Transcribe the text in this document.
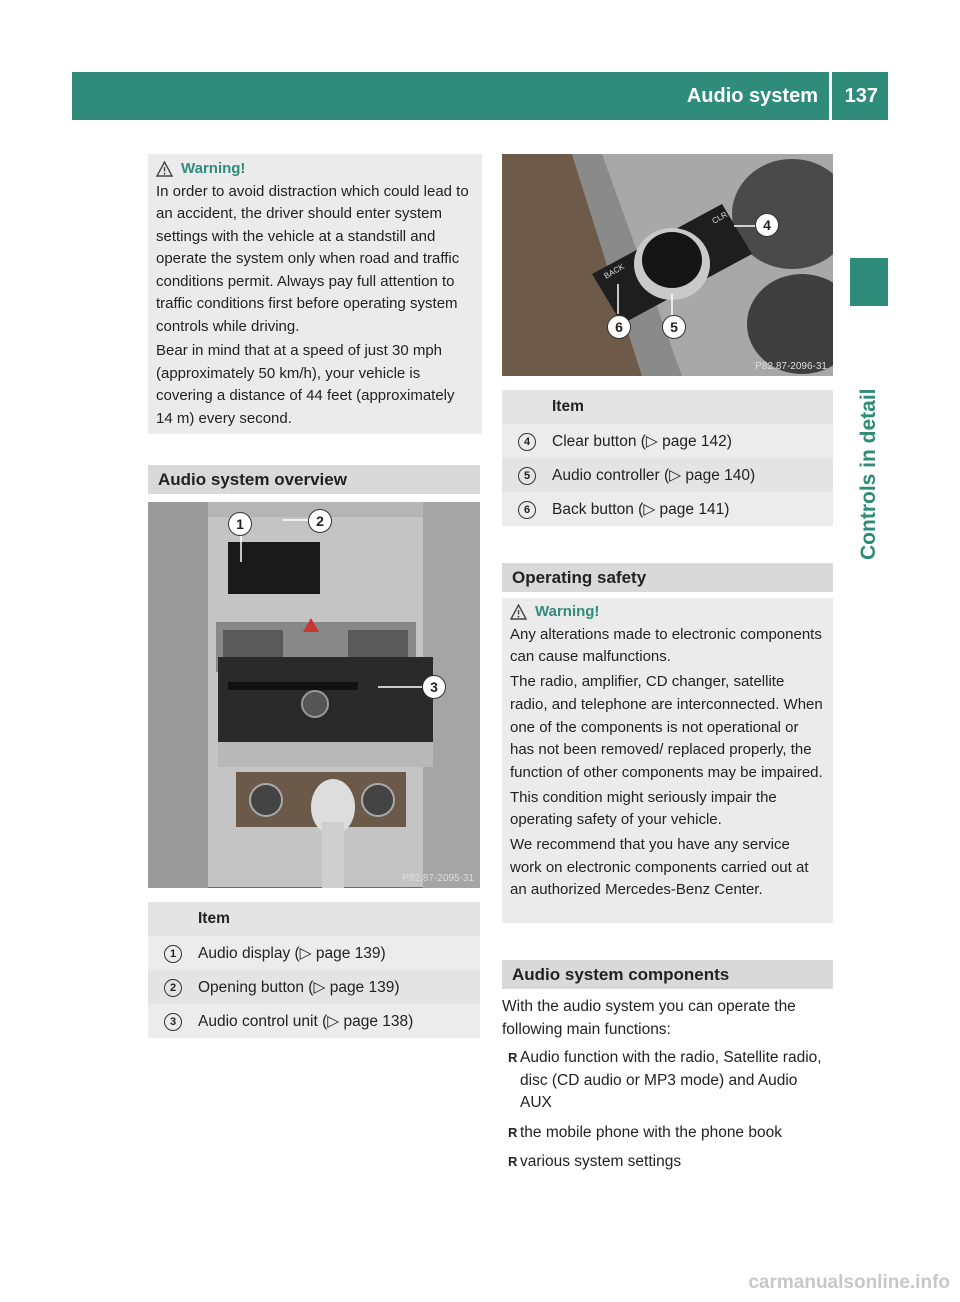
Audio system 137
Controls in detail
Warning!

In order to avoid distraction which could lead to an accident, the driver should enter system settings with the vehicle at a standstill and operate the system only when road and traffic conditions permit. Always pay full attention to traffic conditions first before operating system controls while driving.

Bear in mind that at a speed of just 30 mph (approximately 50 km/h), your vehicle is covering a distance of 44 feet (approximately 14 m) every second.

Audio system overview
1	2
3
P82.87-2095-31
	Item
1	Audio display (▷ page 139)
2	Opening button (▷ page 139)
3	Audio control unit (▷ page 138)
BACK
CLR	4
5
6
P82.87-2096-31
	Item
4	Clear button (▷ page 142)
5	Audio controller (▷ page 140)
6	Back button (▷ page 141)
Operating safety
Warning!

Any alterations made to electronic components can cause malfunctions.

The radio, amplifier, CD changer, satellite radio, and telephone are interconnected. When one of the components is not operational or has not been removed/ replaced properly, the function of other components may be impaired.

This condition might seriously impair the operating safety of your vehicle.

We recommend that you have any service work on electronic components carried out at an authorized Mercedes-Benz Center.

Audio system components
With the audio system you can operate the following main functions:
R Audio function with the radio, Satellite radio, disc (CD audio or MP3 mode) and Audio AUX
R the mobile phone with the phone book
R various system settings
carmanualsonline.info
